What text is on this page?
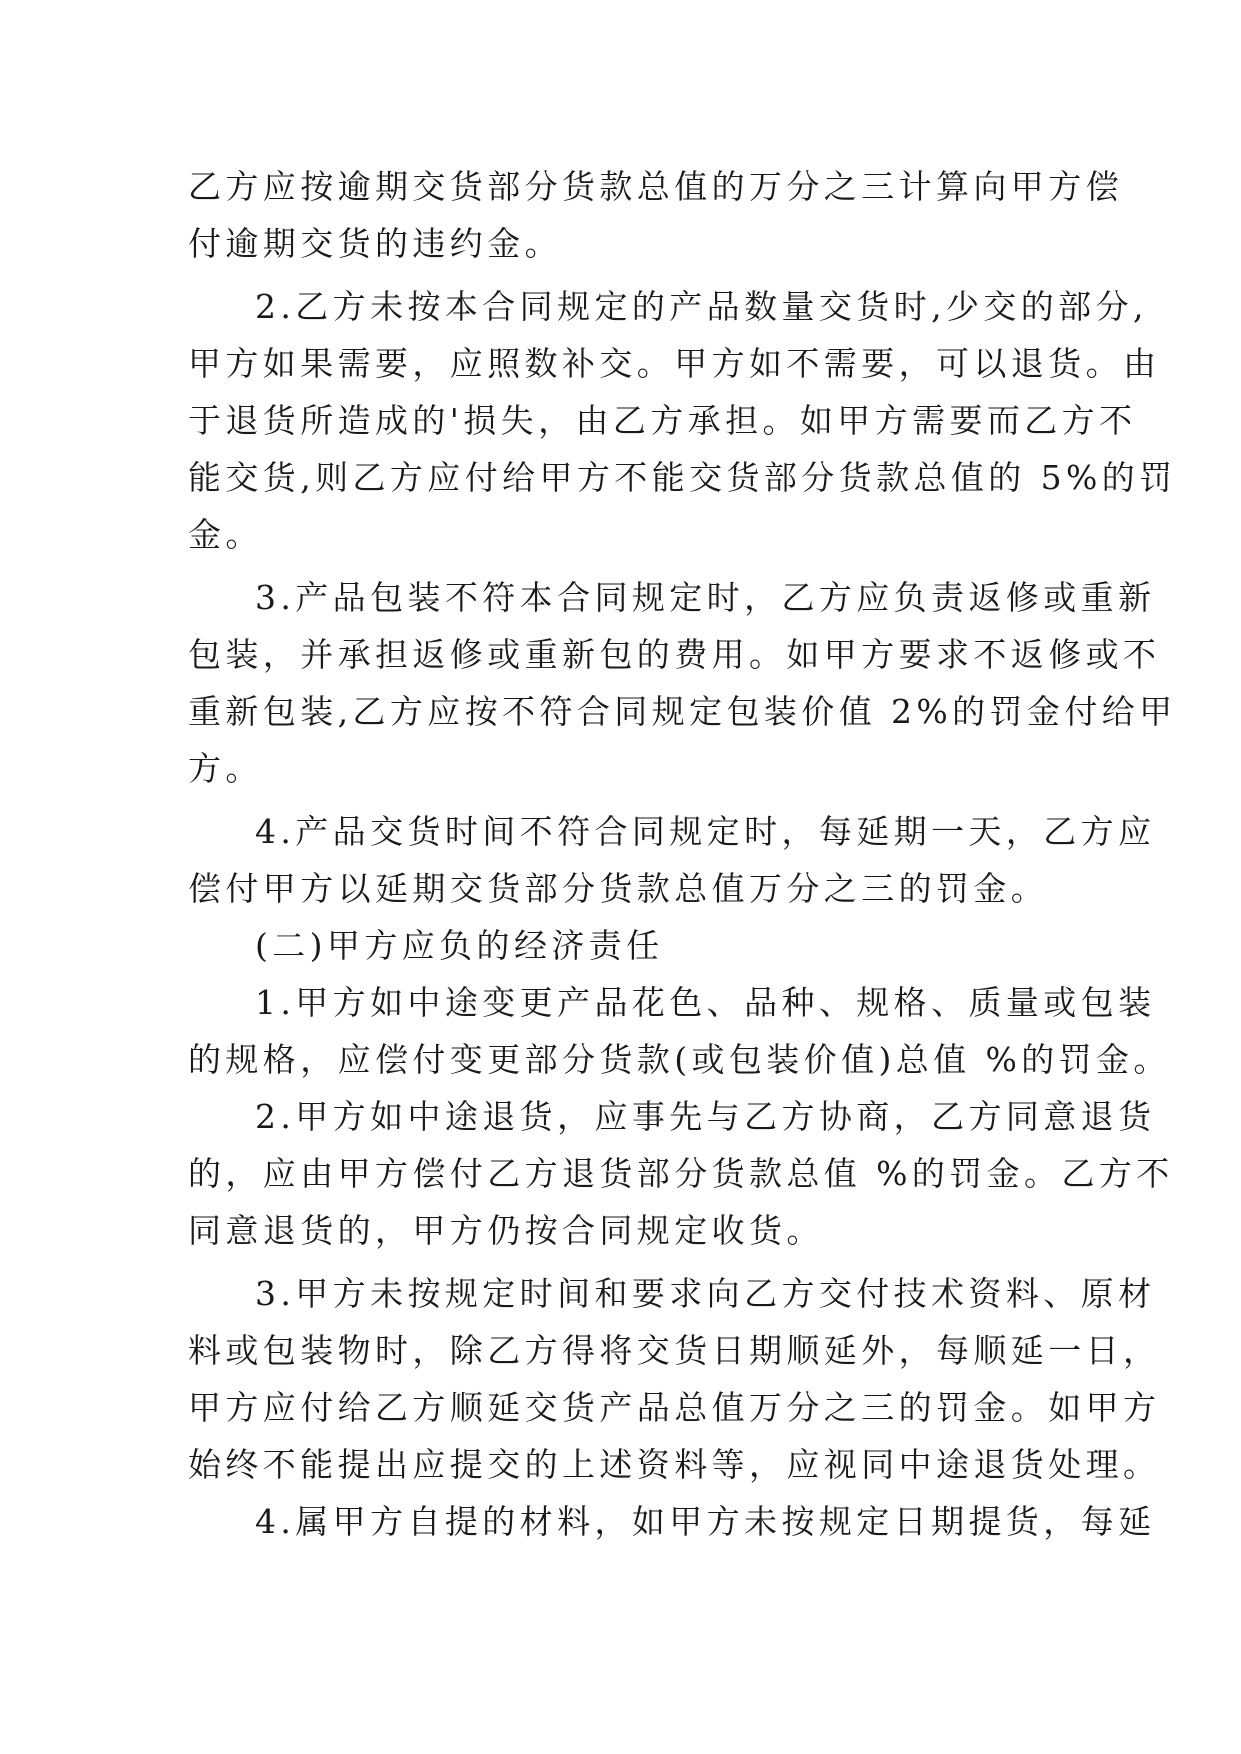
乙方应按逾期交货部分货款总值的万分之三计算向甲方偿
付逾期交货的违约金。
2.乙方未按本合同规定的产品数量交货时,少交的部分,
甲方如果需要，应照数补交。甲方如不需要，可以退货。由
于退货所造成的'损失，由乙方承担。如甲方需要而乙方不
能交货,则乙方应付给甲方不能交货部分货款总值的 5%的罚
金。
3.产品包装不符本合同规定时，乙方应负责返修或重新
包装，并承担返修或重新包的费用。如甲方要求不返修或不
重新包装,乙方应按不符合同规定包装价值 2%的罚金付给甲
方。
4.产品交货时间不符合同规定时，每延期一天，乙方应
偿付甲方以延期交货部分货款总值万分之三的罚金。
(二)甲方应负的经济责任
1.甲方如中途变更产品花色、品种、规格、质量或包装
的规格，应偿付变更部分货款(或包装价值)总值 %的罚金。
2.甲方如中途退货，应事先与乙方协商，乙方同意退货
的，应由甲方偿付乙方退货部分货款总值 %的罚金。乙方不
同意退货的，甲方仍按合同规定收货。
3.甲方未按规定时间和要求向乙方交付技术资料、原材
料或包装物时，除乙方得将交货日期顺延外，每顺延一日，
甲方应付给乙方顺延交货产品总值万分之三的罚金。如甲方
始终不能提出应提交的上述资料等，应视同中途退货处理。
4.属甲方自提的材料，如甲方未按规定日期提货，每延
